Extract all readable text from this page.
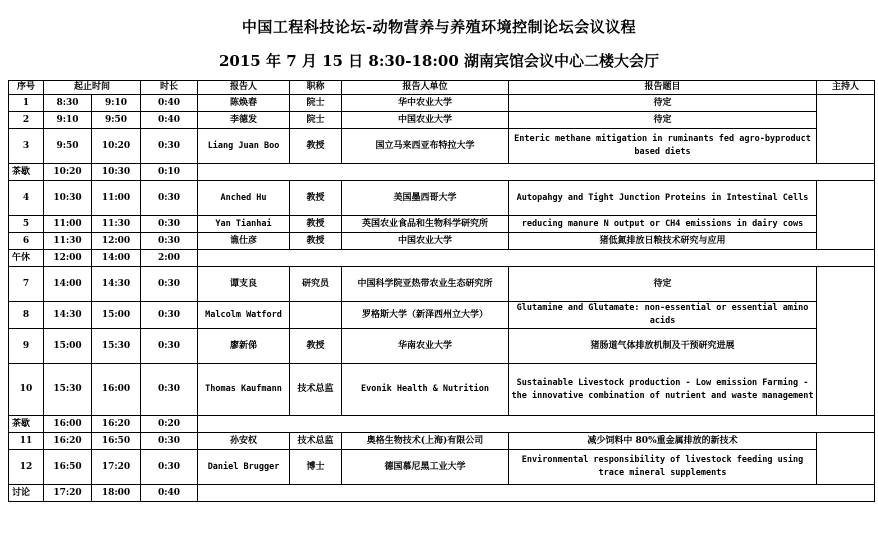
中国工程科技论坛-动物营养与养殖环境控制论坛会议议程
2015 年 7 月 15 日 8:30-18:00 湖南宾馆会议中心二楼大会厅
序号	起止时间		时长	报告人	职称	报告人单位	报告题目	主持人
1	8:30	9:10	0:40	陈焕春	院士	华中农业大学	待定	
2	9:10	9:50	0:40	李德发	院士	中国农业大学	待定	
3	9:50	10:20	0:30	Liang Juan Boo	教授	国立马来西亚布特拉大学	Enteric methane mitigation in ruminants fed agro-byproduct based diets	
茶歇	10:20	10:30	0:10					
4	10:30	11:00	0:30	Anched Hu	教授	美国墨西哥大学	Autopahgy and Tight Junction Proteins in Intestinal Cells	
5	11:00	11:30	0:30	Yan Tianhai	教授	英国农业食品和生物科学研究所	reducing manure N output or CH4 emissions in dairy cows	
6	11:30	12:00	0:30	谯仕彦	教授	中国农业大学	猪低氮排放日粮技术研究与应用	
午休	12:00	14:00	2:00					
7	14:00	14:30	0:30	谭支良	研究员	中国科学院亚热带农业生态研究所	待定	
8	14:30	15:00	0:30	Malcolm Watford		罗格斯大学（新泽西州立大学）	Glutamine and Glutamate: non-essential or essential amino acids	
9	15:00	15:30	0:30	廖新俤	教授	华南农业大学	猪肠道气体排放机制及干预研究进展	
10	15:30	16:00	0:30	Thomas Kaufmann	技术总监	Evonik Health & Nutrition	Sustainable Livestock production - Low emission Farming - the innovative combination of nutrient and waste management	
茶歇	16:00	16:20	0:20					
11	16:20	16:50	0:30	孙安权	技术总监	奥格生物技术(上海)有限公司	减少饲料中 80%重金属排放的新技术	
12	16:50	17:20	0:30	Daniel Brugger	博士	德国慕尼黑工业大学	Environmental responsibility of livestock feeding using trace mineral supplements	
讨论	17:20	18:00	0:40					
